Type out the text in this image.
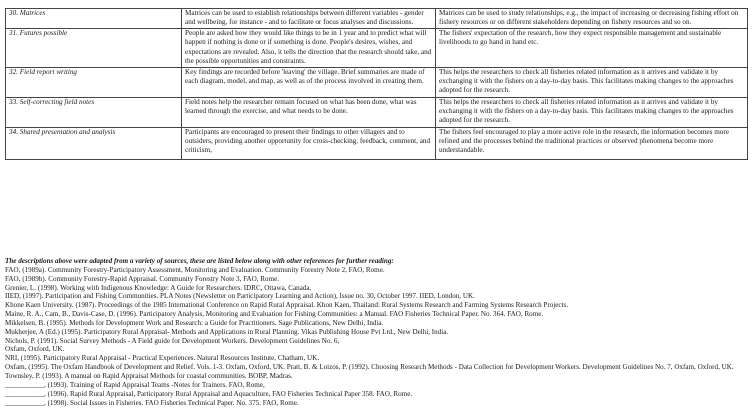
30. Matrices	Matrices can be used to establish relationships between different variables - gender and wellbeing, for instance - and to facilitate or focus analyses and discussions.	Matrices can be used to study relationships, e.g., the impact of increasing or decreasing fishing effort on fishery resources or on different stakeholders depending on fishery resources and so on.
31. Futures possible	People are asked how they would like things to be in 1 year and to predict what will happen if nothing is done or if something is done. People's desires, wishes, and expectations are revealed. Also, it tells the direction that the research should take, and the possible opportunities and constraints.	The fishers' expectation of the research, how they expect responsible management and sustainable livelihoods to go hand in hand etc.
32. Field report writing	Key findings are recorded before 'leaving' the village. Brief summaries are made of each diagram, model, and map, as well as of the process involved in creating them.	This helps the researchers to check all fisheries related information as it arrives and validate it by exchanging it with the fishers on a day-to-day basis. This facilitates making changes to the approaches adopted for the research.
33. Self-correcting field notes	Field notes help the researcher remain focused on what has been done, what was learned through the exercise, and what needs to be done.	This helps the researchers to check all fisheries related information as it arrives and validate it by exchanging it with the fishers on a day-to-day basis. This facilitates making changes to the approaches adopted for the research.
34. Shared presentation and analysis	Participants are encouraged to present their findings to other villagers and to outsiders, providing another opportunity for cross-checking, feedback, comment, and criticism,	The fishers feel encouraged to play a more active role in the research, the information becomes more refined and the processes behind the traditional practices or observed phenomena become more understandable.
The descriptions above were adapted from a variety of sources, these are listed below along with other references for further reading:
FAO, (1989a). Community Forestry-Participatory Assessment, Monitoring and Evaluation. Community Forestry Note 2, FAO, Rome.
FAO, (1989b). Community Forestry-Rapid Appraisal. Community Forestry Note 3, FAO, Rome.
Grenier, L. (1998). Working with Indigenous Knowledge: A Guide for Researchers. IDRC, Ottawa, Canada.
IIED, (1997). Participation and Fishing Communities. PLA Notes (Newsletter on Participatory Learning and Action), Issue no. 30, October 1997. IIED, London, UK.
Khone Kaen University. (1987). Proceedings of the 1985 International Conference on Rapid Rural Appraisal. Khon Kaen, Thailand: Rural Systems Research and Farming Systems Research Projects.
Maine, R. A., Cam, B., Davis-Case, D. (1996). Participatory Analysis, Monitoring and Evaluation for Fishing Communities: a Manual. FAO Fisheries Technical Paper. No. 364. FAO, Rome.
Mikkelsen, B. (1995). Methods for Development Work and Research: a Guide for Practitioners. Sage Publications, New Delhi, India.
Mukherjee, A (Ed.) (1995). Participatory Rural Appraisal- Methods and Applications in Rural Planning. Vikas Publishing House Pvt Ltd., New Delhi, India.
Nichols, P. (1991). Social Survey Methods - A Field guide for Development Workers. Development Guidelines No. 6,
Oxfam, Oxford, UK.
NRI, (1995). Participatory Rural Appraisal - Practical Experiences. Natural Resources Institute, Chatham, UK.
Oxfam, (1995). The Oxfam Handbook of Development and Relief. Vols. 1-3. Oxfam, Oxford, UK. Pratt, B. & Loizos, P. (1992). Choosing Research Methods - Data Collection for Development Workers. Development Guidelines No. 7, Oxfam, Oxford, UK.
Townsley, P. (1993). A manual on Rapid Appraisal Methods for coastal communities. BOBP, Madras.
___________, (1993). Training of Rapid Appraisal Teams -Notes for Trainers. FAO, Rome,
___________, (1996). Rapid Rural Appraisal, Participatory Rural Appraisal and Aquaculture, FAO Fisheries Technical Paper 358. FAO, Rome.
___________, (1998). Social Issues in Fisheries. FAO Fisheries Technical Paper. No. 375. FAO, Rome.
